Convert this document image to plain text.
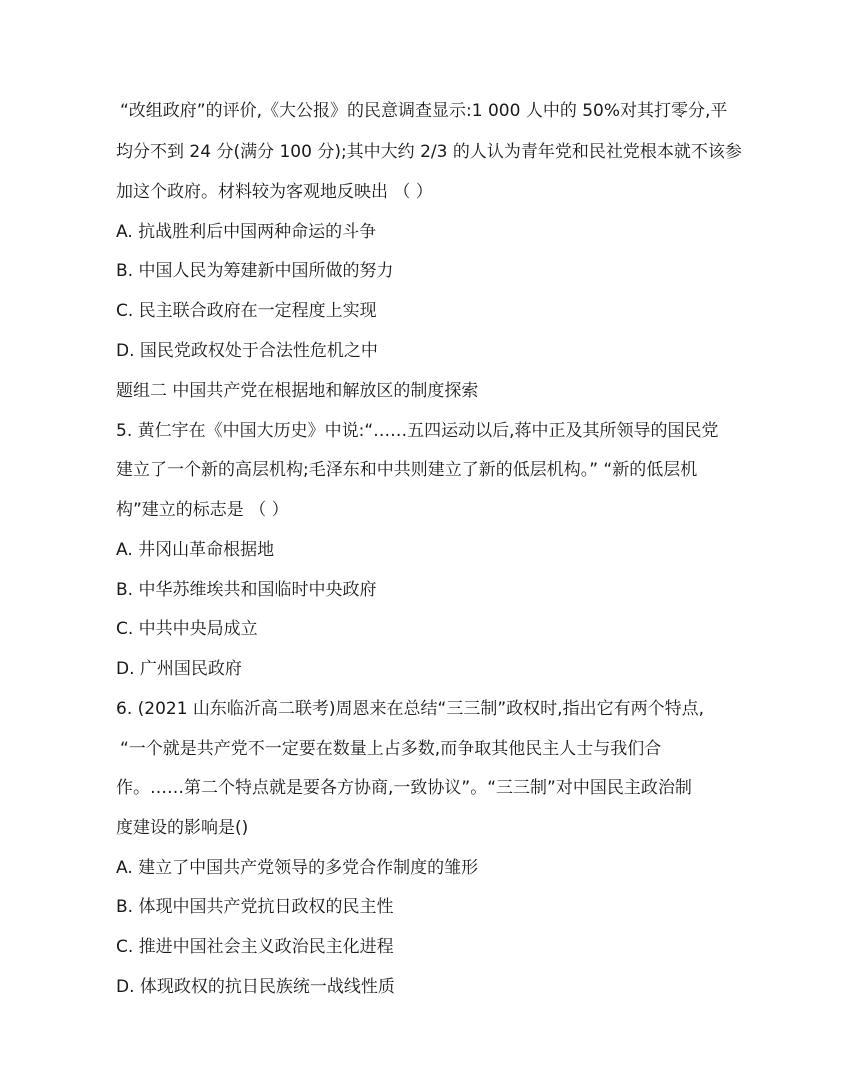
“改组政府”的评价,《大公报》的民意调查显示:1 000 人中的 50%对其打零分,平
均分不到 24 分(满分 100 分);其中大约 2/3 的人认为青年党和民社党根本就不该参
加这个政府。材料较为客观地反映出 （ ）
A. 抗战胜利后中国两种命运的斗争
B. 中国人民为筹建新中国所做的努力
C. 民主联合政府在一定程度上实现
D. 国民党政权处于合法性危机之中
题组二 中国共产党在根据地和解放区的制度探索
5. 黄仁宇在《中国大历史》中说:“……五四运动以后,蒋中正及其所领导的国民党
建立了一个新的高层机构;毛泽东和中共则建立了新的低层机构。” “新的低层机
构”建立的标志是 （ ）
A. 井冈山革命根据地
B. 中华苏维埃共和国临时中央政府
C. 中共中央局成立
D. 广州国民政府
6. (2021 山东临沂高二联考)周恩来在总结“三三制”政权时,指出它有两个特点,
“一个就是共产党不一定要在数量上占多数,而争取其他民主人士与我们合
作。……第二个特点就是要各方协商,一致协议”。“三三制”对中国民主政治制
度建设的影响是()
A. 建立了中国共产党领导的多党合作制度的雏形
B. 体现中国共产党抗日政权的民主性
C. 推进中国社会主义政治民主化进程
D. 体现政权的抗日民族统一战线性质
